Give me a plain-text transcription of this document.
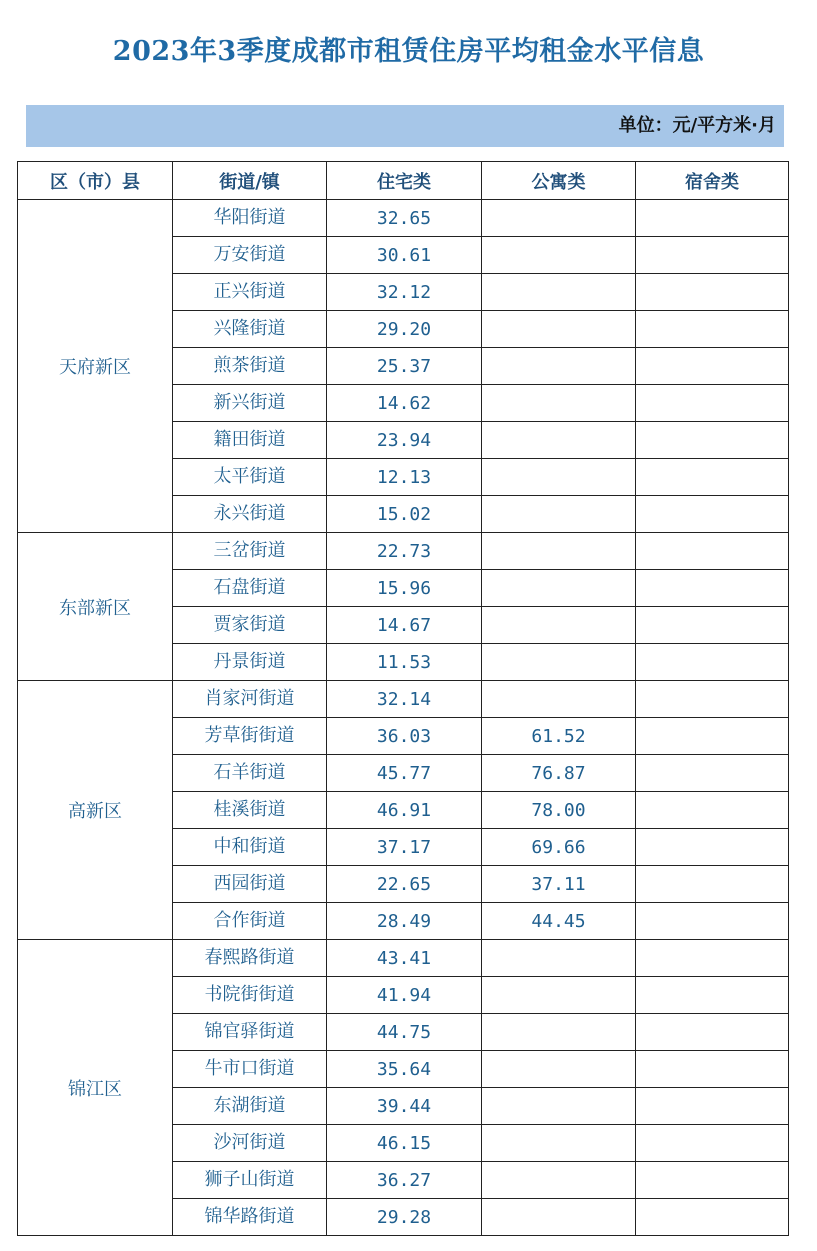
2023年3季度成都市租赁住房平均租金水平信息
单位：元/平方米·月
区（市）县	街道/镇	住宅类	公寓类	宿舍类
天府新区	华阳街道	32.65		
	万安街道	30.61		
	正兴街道	32.12		
	兴隆街道	29.20		
	煎茶街道	25.37		
	新兴街道	14.62		
	籍田街道	23.94		
	太平街道	12.13		
	永兴街道	15.02		
东部新区	三岔街道	22.73		
	石盘街道	15.96		
	贾家街道	14.67		
	丹景街道	11.53		
高新区	肖家河街道	32.14		
	芳草街街道	36.03	61.52	
	石羊街道	45.77	76.87	
	桂溪街道	46.91	78.00	
	中和街道	37.17	69.66	
	西园街道	22.65	37.11	
	合作街道	28.49	44.45	
锦江区	春熙路街道	43.41		
	书院街街道	41.94		
	锦官驿街道	44.75		
	牛市口街道	35.64		
	东湖街道	39.44		
	沙河街道	46.15		
	狮子山街道	36.27		
	锦华路街道	29.28		
